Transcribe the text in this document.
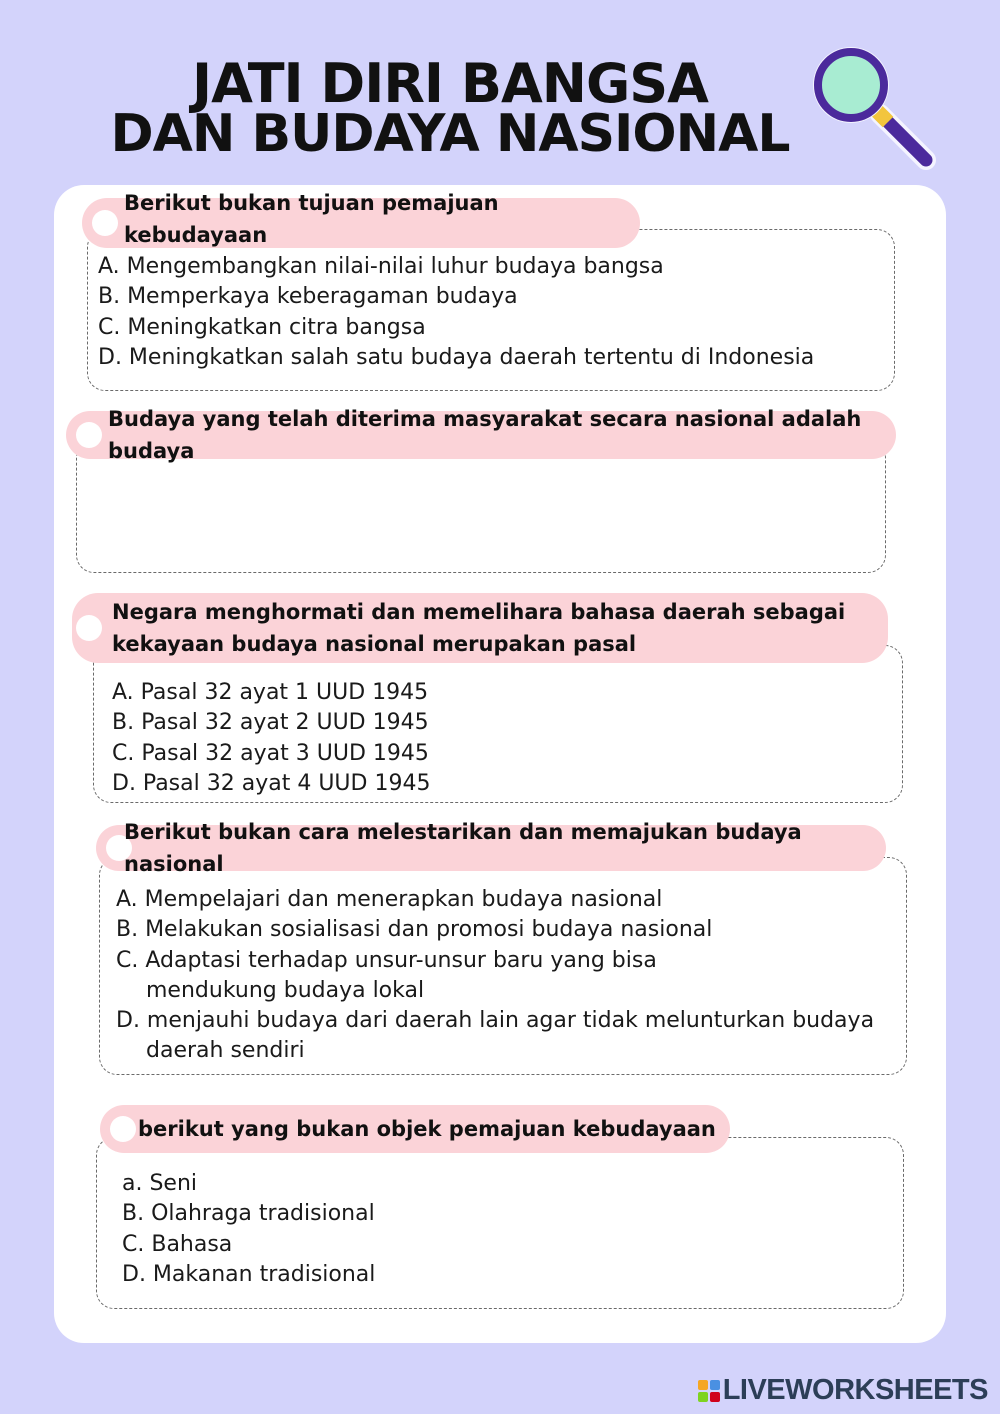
JATI DIRI BANGSA
DAN BUDAYA NASIONAL
Berikut bukan tujuan pemajuan kebudayaan
A. Mengembangkan nilai-nilai luhur budaya bangsa
B. Memperkaya keberagaman budaya
C. Meningkatkan citra bangsa
D. Meningkatkan salah satu budaya daerah tertentu di Indonesia
Budaya yang telah diterima masyarakat secara nasional adalah budaya
Negara menghormati dan memelihara bahasa daerah sebagai
kekayaan budaya nasional merupakan pasal
A. Pasal 32 ayat 1 UUD 1945
B. Pasal 32 ayat 2 UUD 1945
C. Pasal 32 ayat 3 UUD 1945
D. Pasal 32 ayat 4 UUD 1945
Berikut bukan cara melestarikan dan memajukan budaya nasional
A. Mempelajari dan menerapkan budaya nasional
B. Melakukan sosialisasi dan promosi budaya nasional
C. Adaptasi terhadap unsur-unsur baru yang bisa mendukung budaya lokal
D. menjauhi budaya dari daerah lain agar tidak melunturkan budaya daerah sendiri
berikut yang bukan objek pemajuan kebudayaan
a. Seni
B. Olahraga tradisional
C. Bahasa
D. Makanan tradisional
LIVEWORKSHEETS
